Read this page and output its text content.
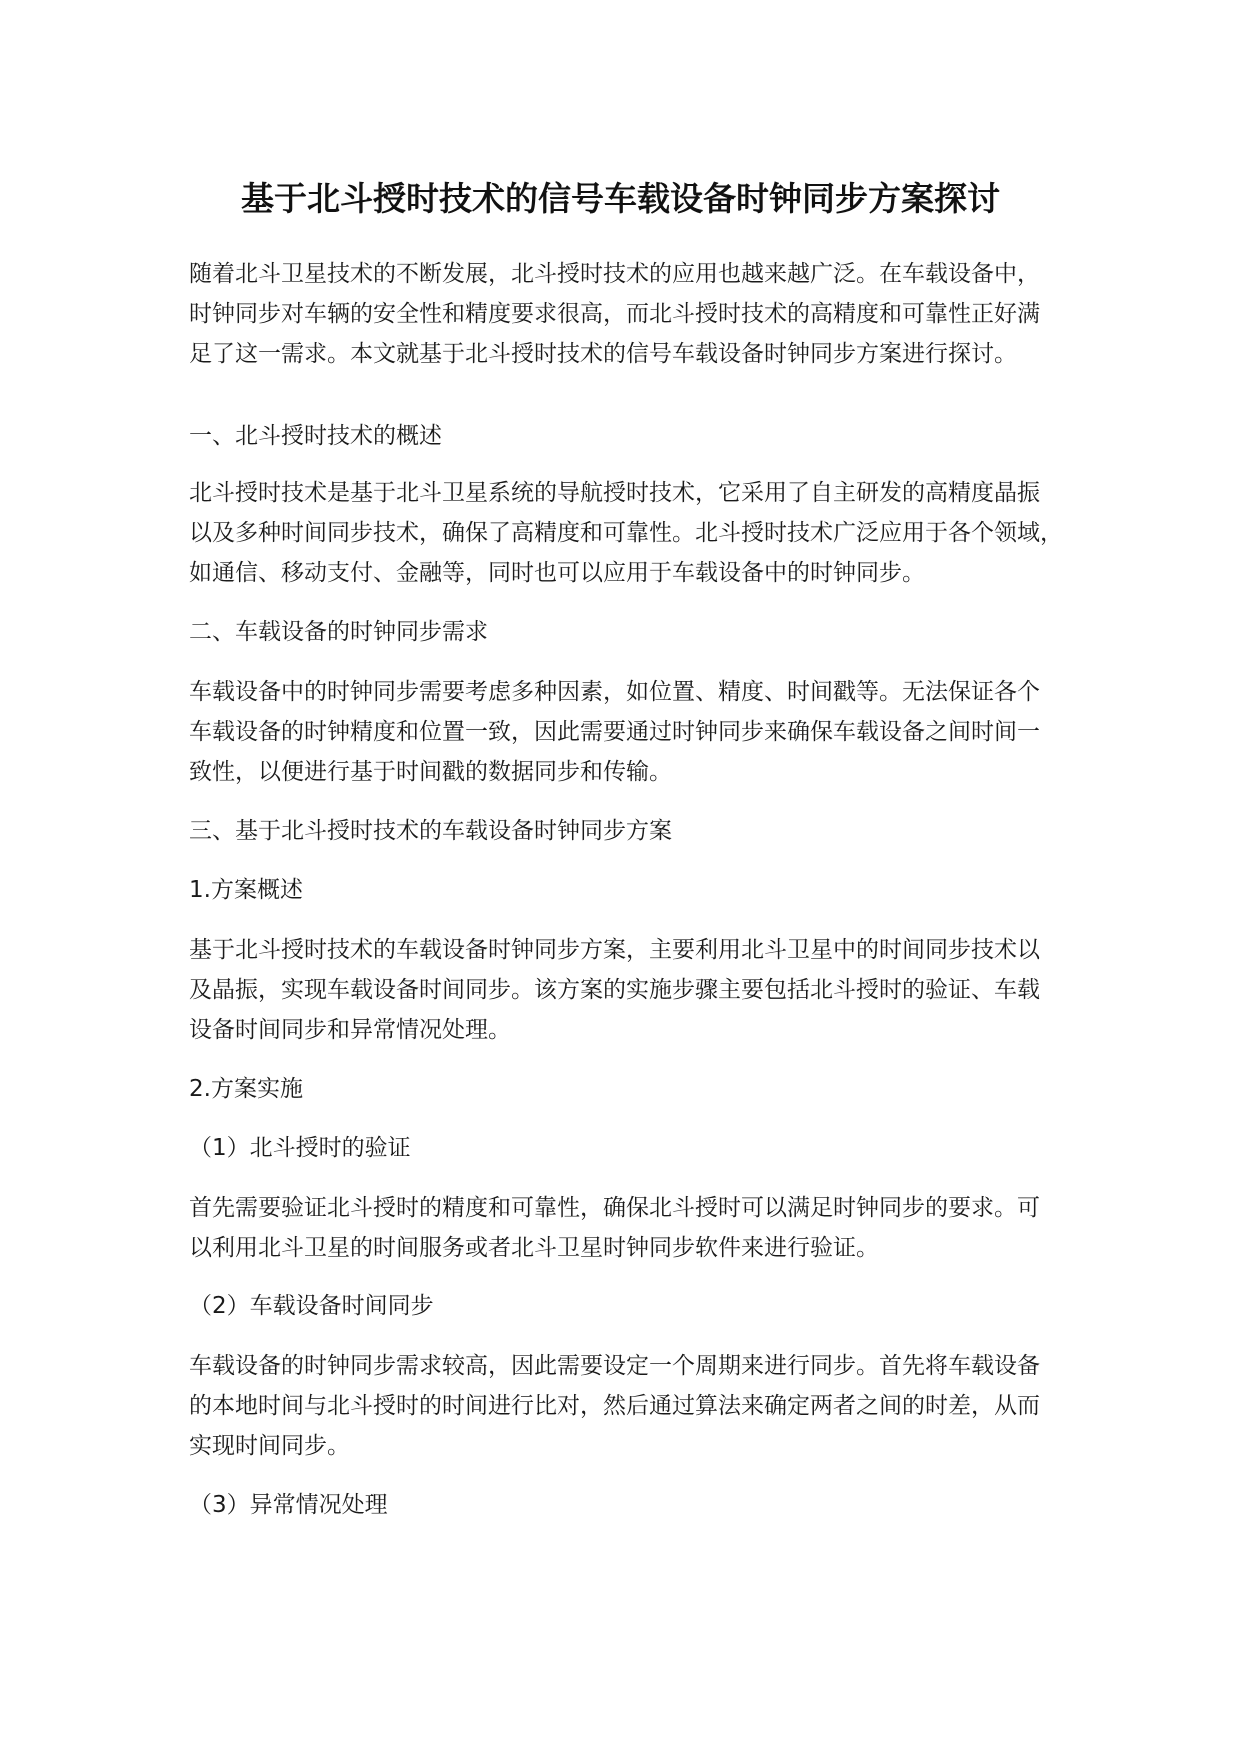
基于北斗授时技术的信号车载设备时钟同步方案探讨
随着北斗卫星技术的不断发展，北斗授时技术的应用也越来越广泛。在车载设备中，
时钟同步对车辆的安全性和精度要求很高，而北斗授时技术的高精度和可靠性正好满
足了这一需求。本文就基于北斗授时技术的信号车载设备时钟同步方案进行探讨。
一、北斗授时技术的概述
北斗授时技术是基于北斗卫星系统的导航授时技术，它采用了自主研发的高精度晶振
以及多种时间同步技术，确保了高精度和可靠性。北斗授时技术广泛应用于各个领域，
如通信、移动支付、金融等，同时也可以应用于车载设备中的时钟同步。
二、车载设备的时钟同步需求
车载设备中的时钟同步需要考虑多种因素，如位置、精度、时间戳等。无法保证各个
车载设备的时钟精度和位置一致，因此需要通过时钟同步来确保车载设备之间时间一
致性，以便进行基于时间戳的数据同步和传输。
三、基于北斗授时技术的车载设备时钟同步方案
1.方案概述
基于北斗授时技术的车载设备时钟同步方案，主要利用北斗卫星中的时间同步技术以
及晶振，实现车载设备时间同步。该方案的实施步骤主要包括北斗授时的验证、车载
设备时间同步和异常情况处理。
2.方案实施
（1）北斗授时的验证
首先需要验证北斗授时的精度和可靠性，确保北斗授时可以满足时钟同步的要求。可
以利用北斗卫星的时间服务或者北斗卫星时钟同步软件来进行验证。
（2）车载设备时间同步
车载设备的时钟同步需求较高，因此需要设定一个周期来进行同步。首先将车载设备
的本地时间与北斗授时的时间进行比对，然后通过算法来确定两者之间的时差，从而
实现时间同步。
（3）异常情况处理
